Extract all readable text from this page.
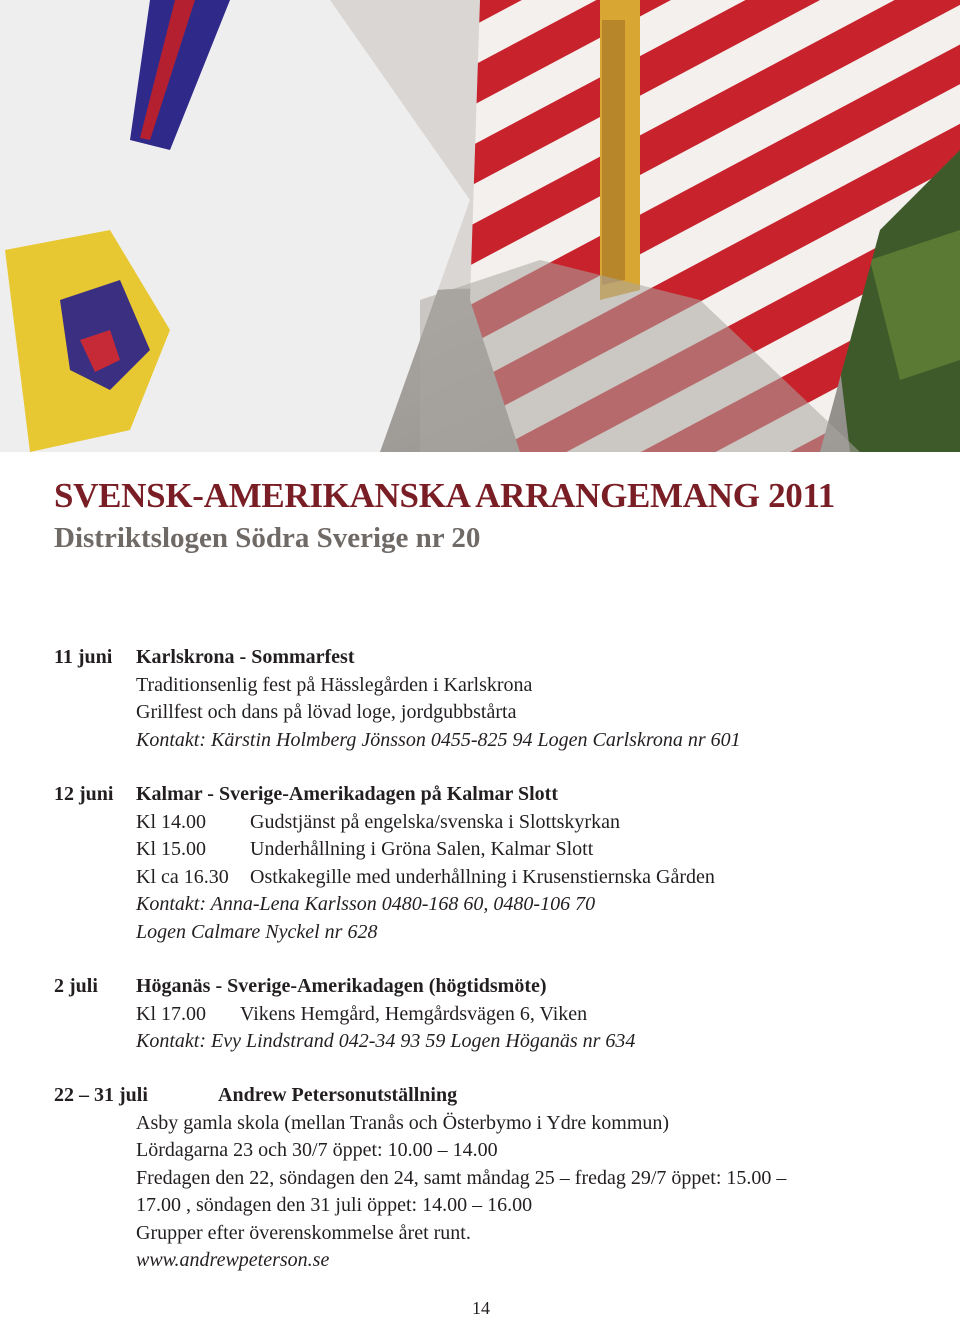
SVENSK-AMERIKANSKA ARRANGEMANG 2011
Distriktslogen Södra Sverige nr 20
11 juni Karlskrona - Sommarfest
Traditionsenlig fest på Hässlegården i Karlskrona
Grillfest och dans på lövad loge, jordgubbstårta
Kontakt: Kärstin Holmberg Jönsson 0455-825 94 Logen Carlskrona nr 601
12 juni Kalmar - Sverige-Amerikadagen på Kalmar Slott
Kl 14.00 Gudstjänst på engelska/svenska i Slottskyrkan
Kl 15.00 Underhållning i Gröna Salen, Kalmar Slott
Kl ca 16.30 Ostkakegille med underhållning i Krusenstiernska Gården
Kontakt: Anna-Lena Karlsson 0480-168 60, 0480-106 70
Logen Calmare Nyckel nr 628
2 juli Höganäs - Sverige-Amerikadagen (högtidsmöte)
Kl 17.00 Vikens Hemgård, Hemgårdsvägen 6, Viken
Kontakt: Evy Lindstrand 042-34 93 59 Logen Höganäs nr 634
22 – 31 juli	Andrew Petersonutställning
Asby gamla skola (mellan Tranås och Österbymo i Ydre kommun)
Lördagarna 23 och 30/7 öppet: 10.00 – 14.00
Fredagen den 22, söndagen den 24, samt måndag 25 – fredag 29/7 öppet: 15.00 –
17.00 , söndagen den 31 juli öppet: 14.00 – 16.00
Grupper efter överenskommelse året runt.
www.andrewpeterson.se
14
